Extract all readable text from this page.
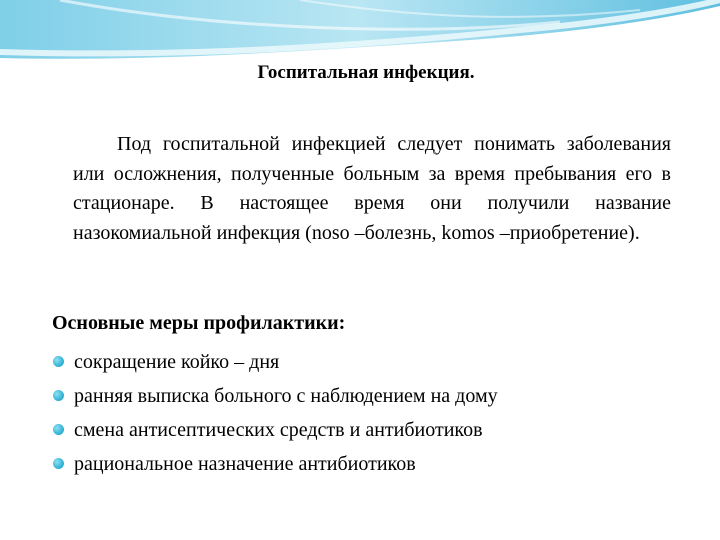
Госпитальная инфекция.

Под госпитальной инфекцией следует понимать заболевания или осложнения, полученные больным за время пребывания его в стационаре. В настоящее время они получили название назокомиальной инфекция (noso –болезнь, komos –приобретение).

Основные меры профилактики:
сокращение койко – дня
ранняя выписка больного с наблюдением на дому
смена антисептических средств и антибиотиков
рациональное назначение антибиотиков
